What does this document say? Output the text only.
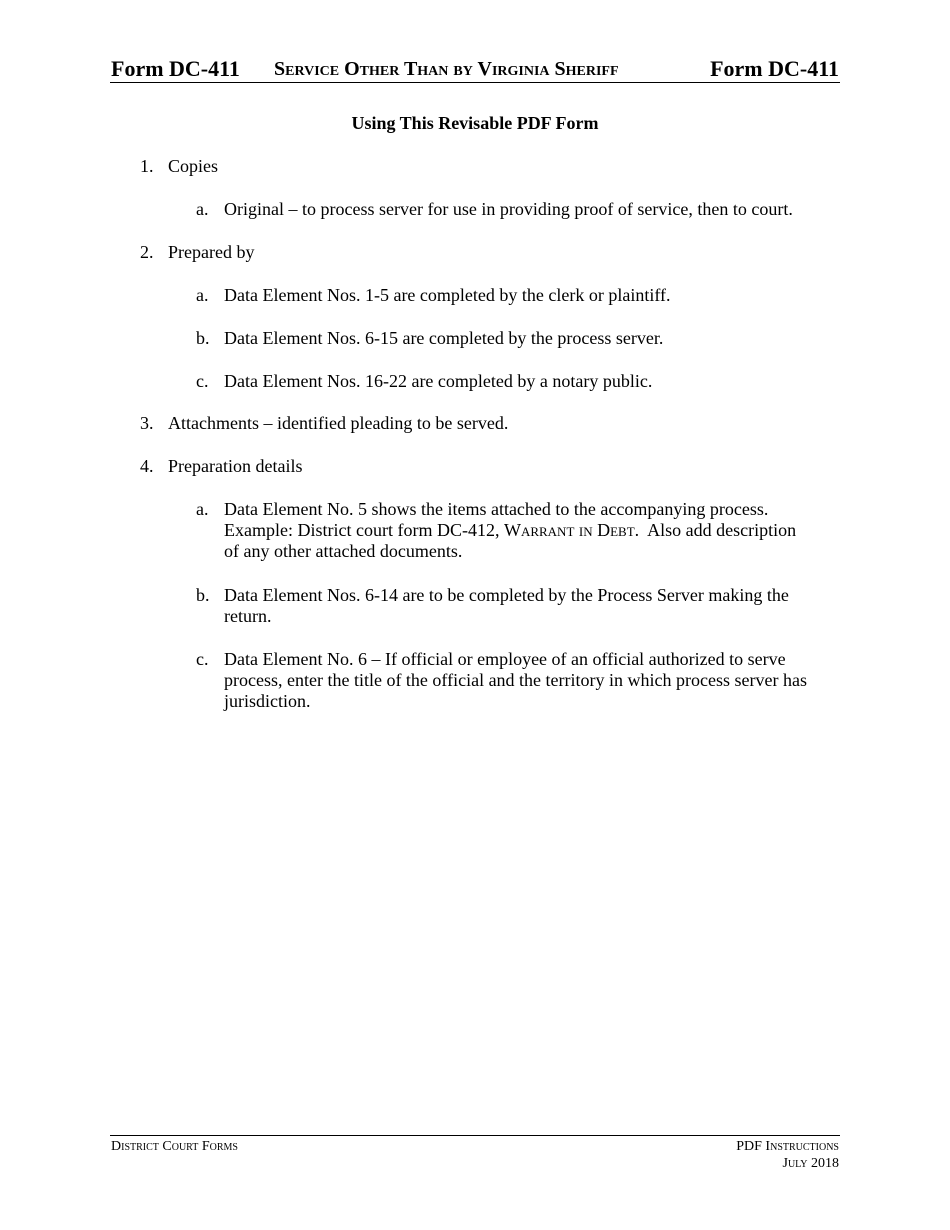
Form DC-411 Service Other Than by Virginia Sheriff	Form DC-411
Using This Revisable PDF Form
1. Copies
a. Original – to process server for use in providing proof of service, then to court.
2. Prepared by
a. Data Element Nos. 1-5 are completed by the clerk or plaintiff.
b. Data Element Nos. 6-15 are completed by the process server.
c. Data Element Nos. 16-22 are completed by a notary public.
3. Attachments – identified pleading to be served.
4. Preparation details
a. Data Element No. 5 shows the items attached to the accompanying process.
Example: District court form DC-412, Warrant in Debt.  Also add description
of any other attached documents.
b. Data Element Nos. 6-14 are to be completed by the Process Server making the
return.
c. Data Element No. 6 – If official or employee of an official authorized to serve
process, enter the title of the official and the territory in which process server has
jurisdiction.
District Court Forms	PDF Instructions
July 2018
